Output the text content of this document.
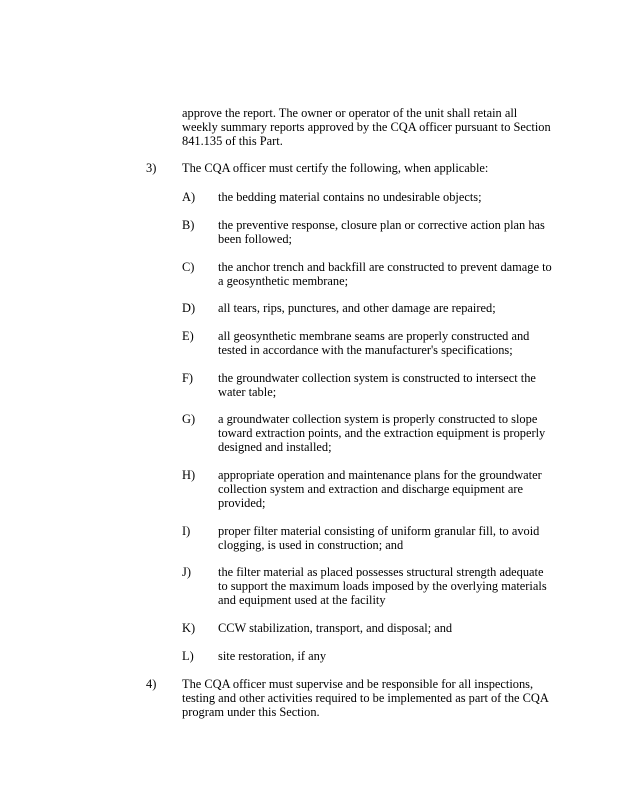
approve the report. The owner or operator of the unit shall retain all
weekly summary reports approved by the CQA officer pursuant to Section
841.135 of this Part.
3) The CQA officer must certify the following, when applicable:
A) the bedding material contains no undesirable objects;
B) the preventive response, closure plan or corrective action plan has
been followed;
C) the anchor trench and backfill are constructed to prevent damage to
a geosynthetic membrane;
D) all tears, rips, punctures, and other damage are repaired;
E) all geosynthetic membrane seams are properly constructed and
tested in accordance with the manufacturer's specifications;
F) the groundwater collection system is constructed to intersect the
water table;
G) a groundwater collection system is properly constructed to slope
toward extraction points, and the extraction equipment is properly
designed and installed;
H) appropriate operation and maintenance plans for the groundwater
collection system and extraction and discharge equipment are
provided;
I) proper filter material consisting of uniform granular fill, to avoid
clogging, is used in construction; and
J) the filter material as placed possesses structural strength adequate
to support the maximum loads imposed by the overlying materials
and equipment used at the facility
K) CCW stabilization, transport, and disposal; and
L) site restoration, if any
4) The CQA officer must supervise and be responsible for all inspections,
testing and other activities required to be implemented as part of the CQA
program under this Section.
